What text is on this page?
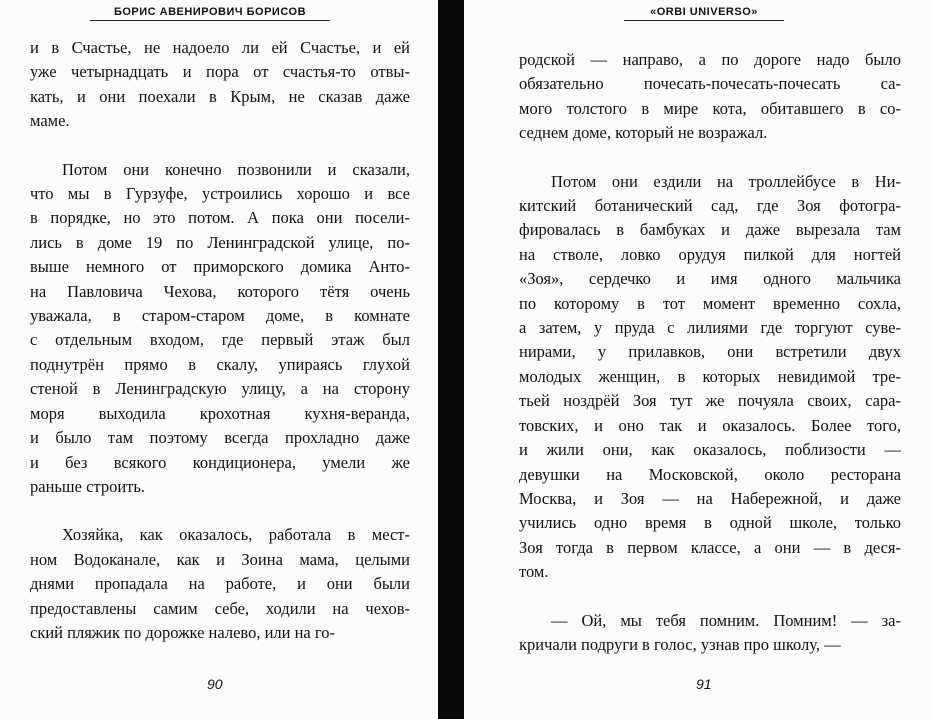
БОРИС АВЕНИРОВИЧ БОРИСОВ
и в Счастье, не надоело ли ей Счастье, и ей
уже четырнадцать и пора от счастья-то отвы-
кать, и они поехали в Крым, не сказав даже
маме.
Потом они конечно позвонили и сказали,
что мы в Гурзуфе, устроились хорошо и все
в порядке, но это потом. А пока они посели-
лись в доме 19 по Ленинградской улице, по-
выше немного от приморского домика Анто-
на Павловича Чехова, которого тётя очень
уважала, в старом-старом доме, в комнате
с отдельным входом, где первый этаж был
поднутрён прямо в скалу, упираясь глухой
стеной в Ленинградскую улицу, а на сторону
моря выходила крохотная кухня-веранда,
и было там поэтому всегда прохладно даже
и без всякого кондиционера, умели же
раньше строить.
Хозяйка, как оказалось, работала в мест-
ном Водоканале, как и Зоина мама, целыми
днями пропадала на работе, и они были
предоставлены самим себе, ходили на чехов-
ский пляжик по дорожке налево, или на го-
90
«ORBI UNIVERSO»
родской — направо, а по дороге надо было
обязательно почесать-почесать-почесать са-
мого толстого в мире кота, обитавшего в со-
седнем доме, который не возражал.
Потом они ездили на троллейбусе в Ни-
китский ботанический сад, где Зоя фотогра-
фировалась в бамбуках и даже вырезала там
на стволе, ловко орудуя пилкой для ногтей
«Зоя», сердечко и имя одного мальчика
по которому в тот момент временно сохла,
а затем, у пруда с лилиями где торгуют суве-
нирами, у прилавков, они встретили двух
молодых женщин, в которых невидимой тре-
тьей ноздрёй Зоя тут же почуяла своих, сара-
товских, и оно так и оказалось. Более того,
и жили они, как оказалось, поблизости —
девушки на Московской, около ресторана
Москва, и Зоя — на Набережной, и даже
учились одно время в одной школе, только
Зоя тогда в первом классе, а они — в деся-
том.
— Ой, мы тебя помним. Помним! — за-
кричали подруги в голос, узнав про школу, —
91
